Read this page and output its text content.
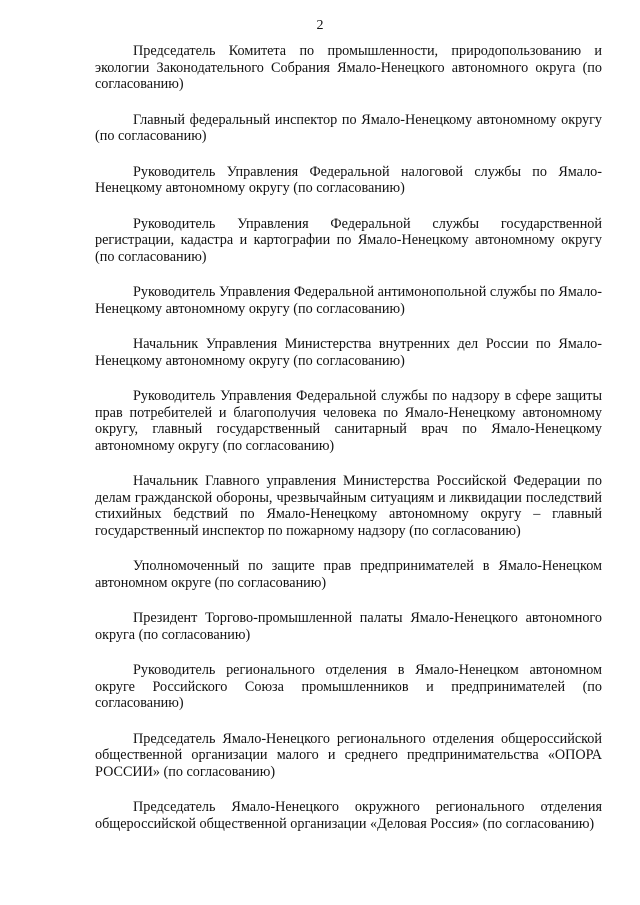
2

Председатель Комитета по промышленности, природопользованию и экологии Законодательного Собрания Ямало-Ненецкого автономного округа (по согласованию)

Главный федеральный инспектор по Ямало-Ненецкому автономному округу (по согласованию)

Руководитель Управления Федеральной налоговой службы по Ямало-Ненецкому автономному округу (по согласованию)

Руководитель Управления Федеральной службы государственной регистрации, кадастра и картографии по Ямало-Ненецкому автономному округу (по согласованию)

Руководитель Управления Федеральной антимонопольной службы по Ямало-Ненецкому автономному округу (по согласованию)

Начальник Управления Министерства внутренних дел России по Ямало-Ненецкому автономному округу (по согласованию)

Руководитель Управления Федеральной службы по надзору в сфере защиты прав потребителей и благополучия человека по Ямало-Ненецкому автономному округу, главный государственный санитарный врач по Ямало-Ненецкому автономному округу (по согласованию)

Начальник Главного управления Министерства Российской Федерации по делам гражданской обороны, чрезвычайным ситуациям и ликвидации последствий стихийных бедствий по Ямало-Ненецкому автономному округу – главный государственный инспектор по пожарному надзору (по согласованию)

Уполномоченный по защите прав предпринимателей в Ямало-Ненецком автономном округе (по согласованию)

Президент Торгово-промышленной палаты Ямало-Ненецкого автономного округа (по согласованию)

Руководитель регионального отделения в Ямало-Ненецком автономном округе Российского Союза промышленников и предпринимателей (по согласованию)

Председатель Ямало-Ненецкого регионального отделения общероссийской общественной организации малого и среднего предпринимательства «ОПОРА РОССИИ» (по согласованию)

Председатель Ямало-Ненецкого окружного регионального отделения общероссийской общественной организации «Деловая Россия» (по согласованию)
